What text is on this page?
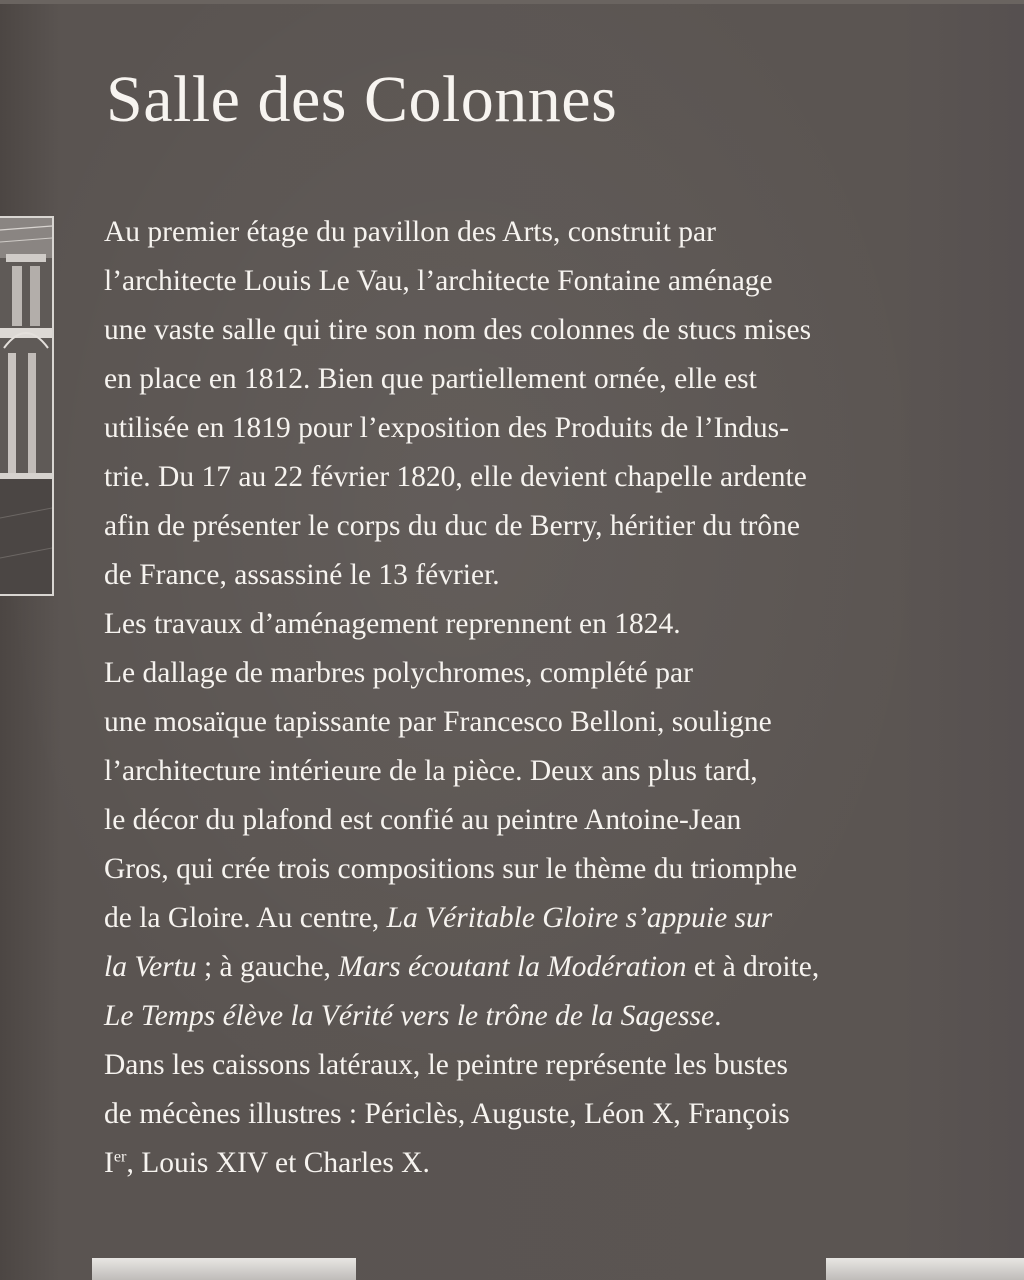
Salle des Colonnes
Au premier étage du pavillon des Arts, construit par
l’architecte Louis Le Vau, l’architecte Fontaine aménage
une vaste salle qui tire son nom des colonnes de stucs mises
en place en 1812. Bien que partiellement ornée, elle est
utilisée en 1819 pour l’exposition des Produits de l’Indus-
trie. Du 17 au 22 février 1820, elle devient chapelle ardente
afin de présenter le corps du duc de Berry, héritier du trône
de France, assassiné le 13 février.
Les travaux d’aménagement reprennent en 1824.
Le dallage de marbres polychromes, complété par
une mosaïque tapissante par Francesco Belloni, souligne
l’architecture intérieure de la pièce. Deux ans plus tard,
le décor du plafond est confié au peintre Antoine-Jean
Gros, qui crée trois compositions sur le thème du triomphe
de la Gloire. Au centre, La Véritable Gloire s’appuie sur
la Vertu ; à gauche, Mars écoutant la Modération et à droite,
Le Temps élève la Vérité vers le trône de la Sagesse.
Dans les caissons latéraux, le peintre représente les bustes
de mécènes illustres : Périclès, Auguste, Léon X, François
Ier, Louis XIV et Charles X.
